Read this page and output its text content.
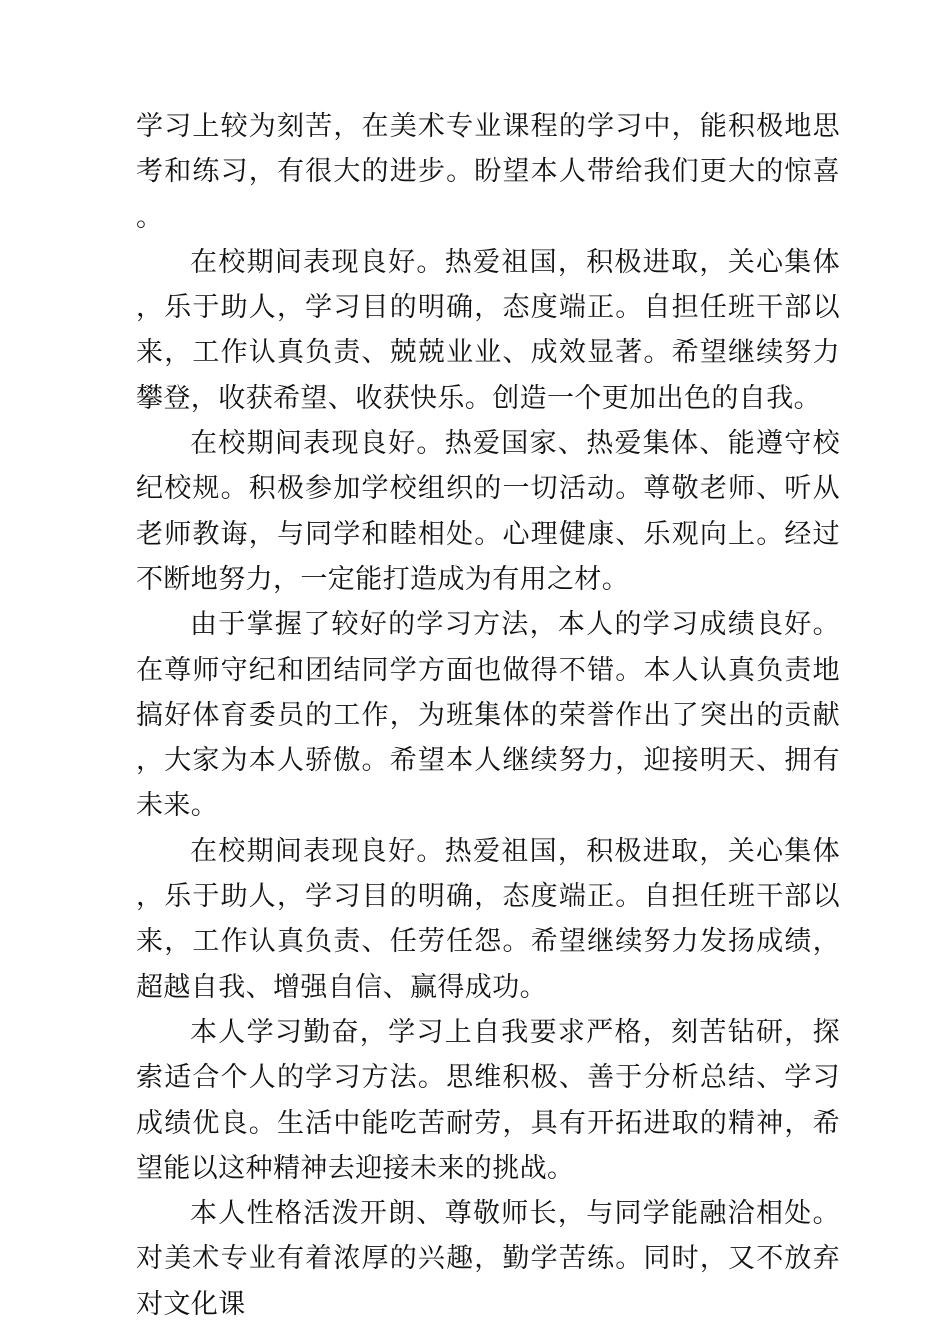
学习上较为刻苦，在美术专业课程的学习中，能积极地思考和练习，有很大的进步。盼望本人带给我们更大的惊喜。

在校期间表现良好。热爱祖国，积极进取，关心集体，乐于助人，学习目的明确，态度端正。自担任班干部以来，工作认真负责、兢兢业业、成效显著。希望继续努力攀登，收获希望、收获快乐。创造一个更加出色的自我。

在校期间表现良好。热爱国家、热爱集体、能遵守校纪校规。积极参加学校组织的一切活动。尊敬老师、听从老师教诲，与同学和睦相处。心理健康、乐观向上。经过不断地努力，一定能打造成为有用之材。

由于掌握了较好的学习方法，本人的学习成绩良好。在尊师守纪和团结同学方面也做得不错。本人认真负责地搞好体育委员的工作，为班集体的荣誉作出了突出的贡献，大家为本人骄傲。希望本人继续努力，迎接明天、拥有未来。

在校期间表现良好。热爱祖国，积极进取，关心集体，乐于助人，学习目的明确，态度端正。自担任班干部以来，工作认真负责、任劳任怨。希望继续努力发扬成绩，超越自我、增强自信、赢得成功。

本人学习勤奋，学习上自我要求严格，刻苦钻研，探索适合个人的学习方法。思维积极、善于分析总结、学习成绩优良。生活中能吃苦耐劳，具有开拓进取的精神，希望能以这种精神去迎接未来的挑战。

本人性格活泼开朗、尊敬师长，与同学能融洽相处。对美术专业有着浓厚的兴趣，勤学苦练。同时，又不放弃对文化课
